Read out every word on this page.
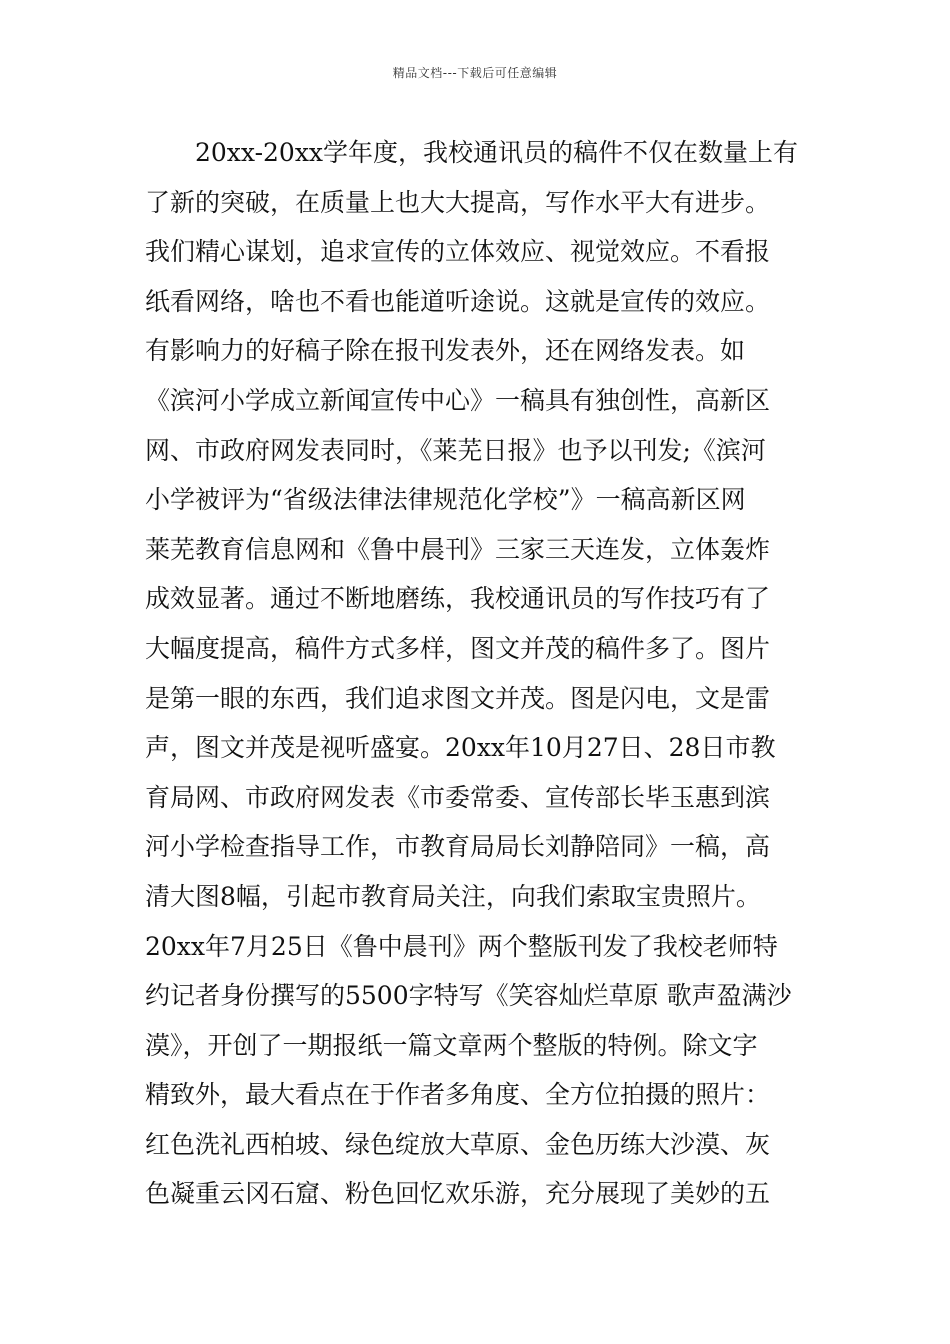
精品文档---下载后可任意编辑
20xx-20xx学年度，我校通讯员的稿件不仅在数量上有
了新的突破，在质量上也大大提高，写作水平大有进步。
我们精心谋划，追求宣传的立体效应、视觉效应。不看报
纸看网络，啥也不看也能道听途说。这就是宣传的效应。
有影响力的好稿子除在报刊发表外，还在网络发表。如
《滨河小学成立新闻宣传中心》一稿具有独创性，高新区
网、市政府网发表同时，《莱芜日报》也予以刊发;《滨河
小学被评为“省级法律法律规范化学校”》一稿高新区网
莱芜教育信息网和《鲁中晨刊》三家三天连发，立体轰炸
成效显著。通过不断地磨练，我校通讯员的写作技巧有了
大幅度提高，稿件方式多样，图文并茂的稿件多了。图片
是第一眼的东西，我们追求图文并茂。图是闪电，文是雷
声，图文并茂是视听盛宴。20xx年10月27日、28日市教
育局网、市政府网发表《市委常委、宣传部长毕玉惠到滨
河小学检查指导工作，市教育局局长刘静陪同》一稿，高
清大图8幅，引起市教育局关注，向我们索取宝贵照片。
20xx年7月25日《鲁中晨刊》两个整版刊发了我校老师特
约记者身份撰写的5500字特写《笑容灿烂草原 歌声盈满沙
漠》，开创了一期报纸一篇文章两个整版的特例。除文字
精致外，最大看点在于作者多角度、全方位拍摄的照片：
红色洗礼西柏坡、绿色绽放大草原、金色历练大沙漠、灰
色凝重云冈石窟、粉色回忆欢乐游，充分展现了美妙的五
